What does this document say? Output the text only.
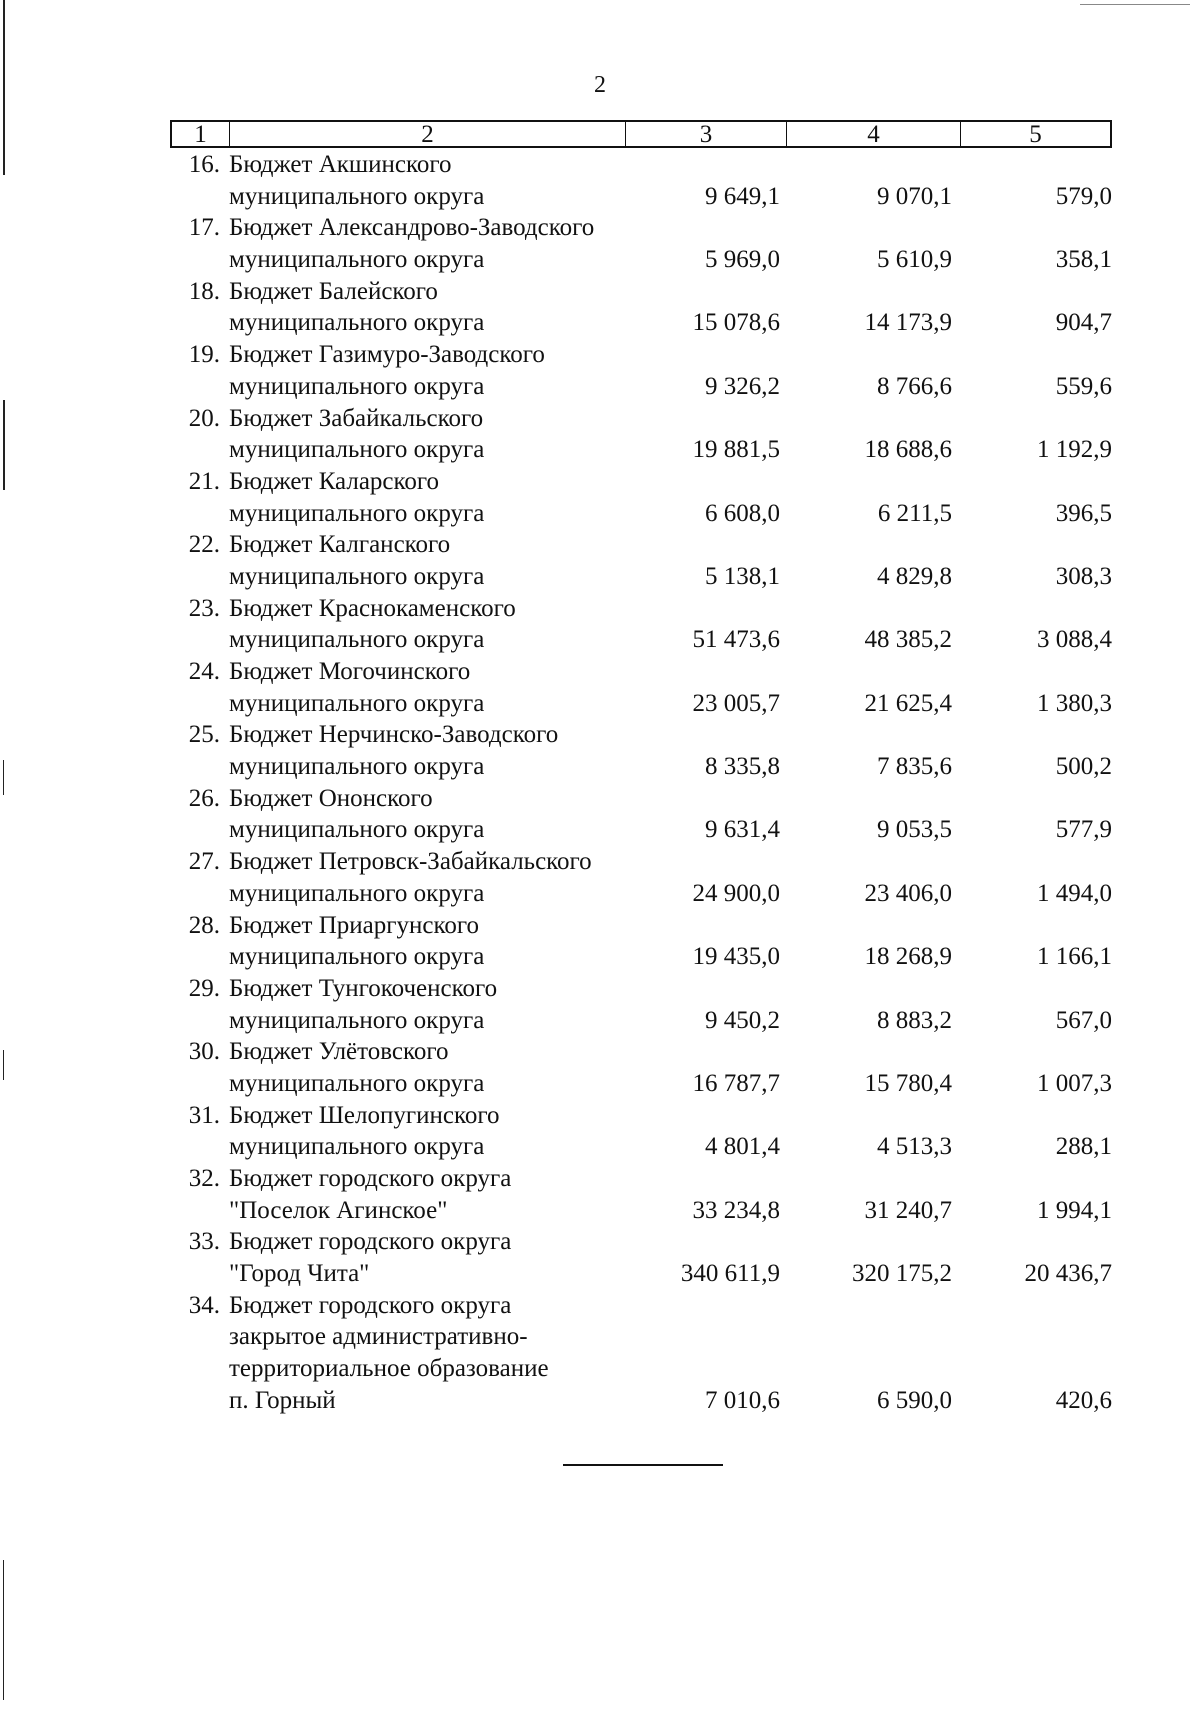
2
1	2	3	4	5
16. Бюджет Акшинского
муниципального округа	9 649,1	9 070,1	579,0
17. Бюджет Александрово-Заводского
муниципального округа	5 969,0	5 610,9	358,1
18. Бюджет Балейского
муниципального округа	15 078,6	14 173,9	904,7
19. Бюджет Газимуро-Заводского
муниципального округа	9 326,2	8 766,6	559,6
20. Бюджет Забайкальского
муниципального округа	19 881,5	18 688,6	1 192,9
21. Бюджет Каларского
муниципального округа	6 608,0	6 211,5	396,5
22. Бюджет Калганского
муниципального округа	5 138,1	4 829,8	308,3
23. Бюджет Краснокаменского
муниципального округа	51 473,6	48 385,2	3 088,4
24. Бюджет Могочинского
муниципального округа	23 005,7	21 625,4	1 380,3
25. Бюджет Нерчинско-Заводского
муниципального округа	8 335,8	7 835,6	500,2
26. Бюджет Ононского
муниципального округа	9 631,4	9 053,5	577,9
27. Бюджет Петровск-Забайкальского
муниципального округа	24 900,0	23 406,0	1 494,0
28. Бюджет Приаргунского
муниципального округа	19 435,0	18 268,9	1 166,1
29. Бюджет Тунгокоченского
муниципального округа	9 450,2	8 883,2	567,0
30. Бюджет Улётовского
муниципального округа	16 787,7	15 780,4	1 007,3
31. Бюджет Шелопугинского
муниципального округа	4 801,4	4 513,3	288,1
32. Бюджет городского округа
"Поселок Агинское"	33 234,8	31 240,7	1 994,1
33. Бюджет городского округа
"Город Чита"	340 611,9	320 175,2	20 436,7
34. Бюджет городского округа
закрытое административно-
территориальное образование
п. Горный	7 010,6	6 590,0	420,6
